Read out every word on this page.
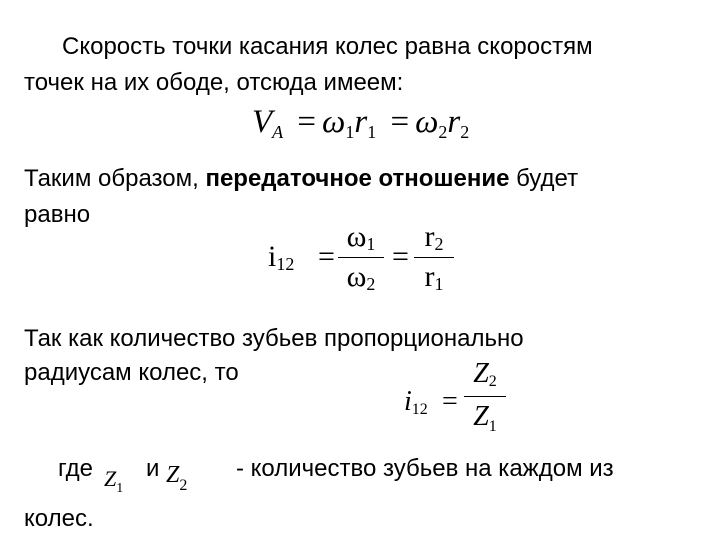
Скорость точки касания колес равна скоростям
точек на их ободе, отсюда имеем:
$V_A = \omega_1r_1 = \omega_2r_2$
Таким образом, передаточное отношение будет
равно
i12 =
ω1
ω2
=
r2
r1
Так как количество зубьев пропорционально
радиусам колес, то
i12 =
Z2
$Z_1$
где $Z_1$
и $Z_2$
- количество зубьев на каждом из
колес.
